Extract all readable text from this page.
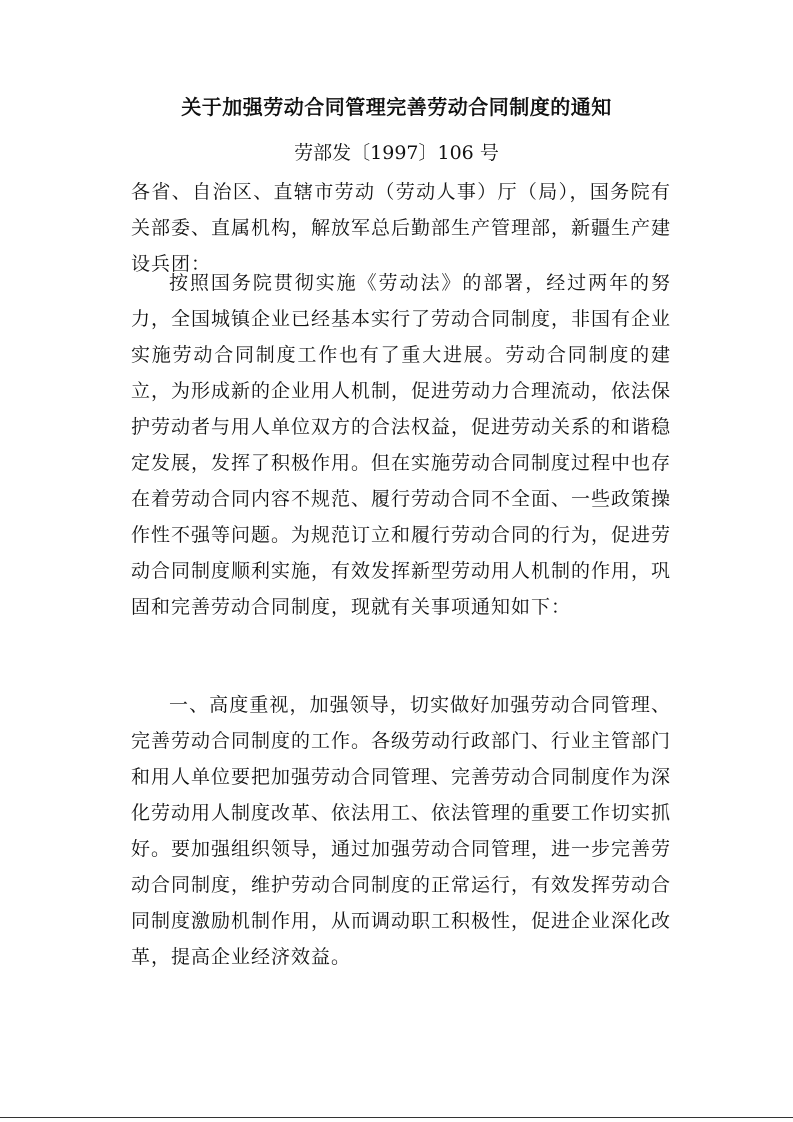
关于加强劳动合同管理完善劳动合同制度的通知
劳部发〔1997〕106 号
各省、自治区、直辖市劳动（劳动人事）厅（局），国务院有关部委、直属机构，解放军总后勤部生产管理部，新疆生产建设兵团：
按照国务院贯彻实施《劳动法》的部署，经过两年的努力，全国城镇企业已经基本实行了劳动合同制度，非国有企业实施劳动合同制度工作也有了重大进展。劳动合同制度的建立，为形成新的企业用人机制，促进劳动力合理流动，依法保护劳动者与用人单位双方的合法权益，促进劳动关系的和谐稳定发展，发挥了积极作用。但在实施劳动合同制度过程中也存在着劳动合同内容不规范、履行劳动合同不全面、一些政策操作性不强等问题。为规范订立和履行劳动合同的行为，促进劳动合同制度顺利实施，有效发挥新型劳动用人机制的作用，巩固和完善劳动合同制度，现就有关事项通知如下：
一、高度重视，加强领导，切实做好加强劳动合同管理、完善劳动合同制度的工作。各级劳动行政部门、行业主管部门和用人单位要把加强劳动合同管理、完善劳动合同制度作为深化劳动用人制度改革、依法用工、依法管理的重要工作切实抓好。要加强组织领导，通过加强劳动合同管理，进一步完善劳动合同制度，维护劳动合同制度的正常运行，有效发挥劳动合同制度激励机制作用，从而调动职工积极性，促进企业深化改革，提高企业经济效益。
